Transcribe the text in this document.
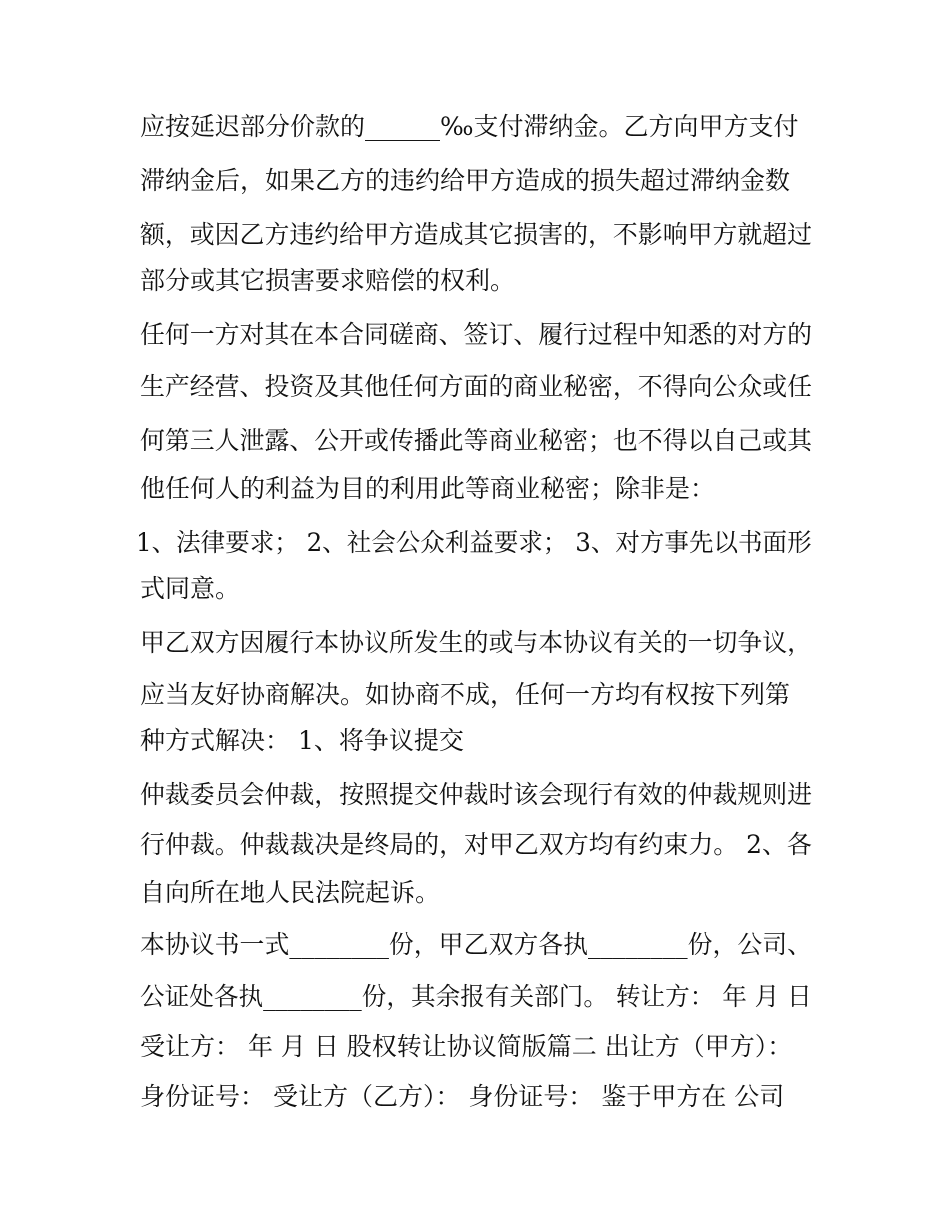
应按延迟部分价款的______‰支付滞纳金。乙方向甲方支付
滞纳金后，如果乙方的违约给甲方造成的损失超过滞纳金数
额，或因乙方违约给甲方造成其它损害的，不影响甲方就超过
部分或其它损害要求赔偿的权利。
任何一方对其在本合同磋商、签订、履行过程中知悉的对方的
生产经营、投资及其他任何方面的商业秘密，不得向公众或任
何第三人泄露、公开或传播此等商业秘密；也不得以自己或其
他任何人的利益为目的利用此等商业秘密；除非是：
1、法律要求； 2、社会公众利益要求； 3、对方事先以书面形
式同意。
甲乙双方因履行本协议所发生的或与本协议有关的一切争议，
应当友好协商解决。如协商不成，任何一方均有权按下列第
种方式解决： 1、将争议提交
仲裁委员会仲裁，按照提交仲裁时该会现行有效的仲裁规则进
行仲裁。仲裁裁决是终局的，对甲乙双方均有约束力。 2、各
自向所在地人民法院起诉。
本协议书一式________份，甲乙双方各执________份，公司、
公证处各执________份，其余报有关部门。 转让方： 年 月 日
受让方： 年 月 日 股权转让协议简版篇二 出让方（甲方）：
身份证号： 受让方（乙方）： 身份证号： 鉴于甲方在 公司
